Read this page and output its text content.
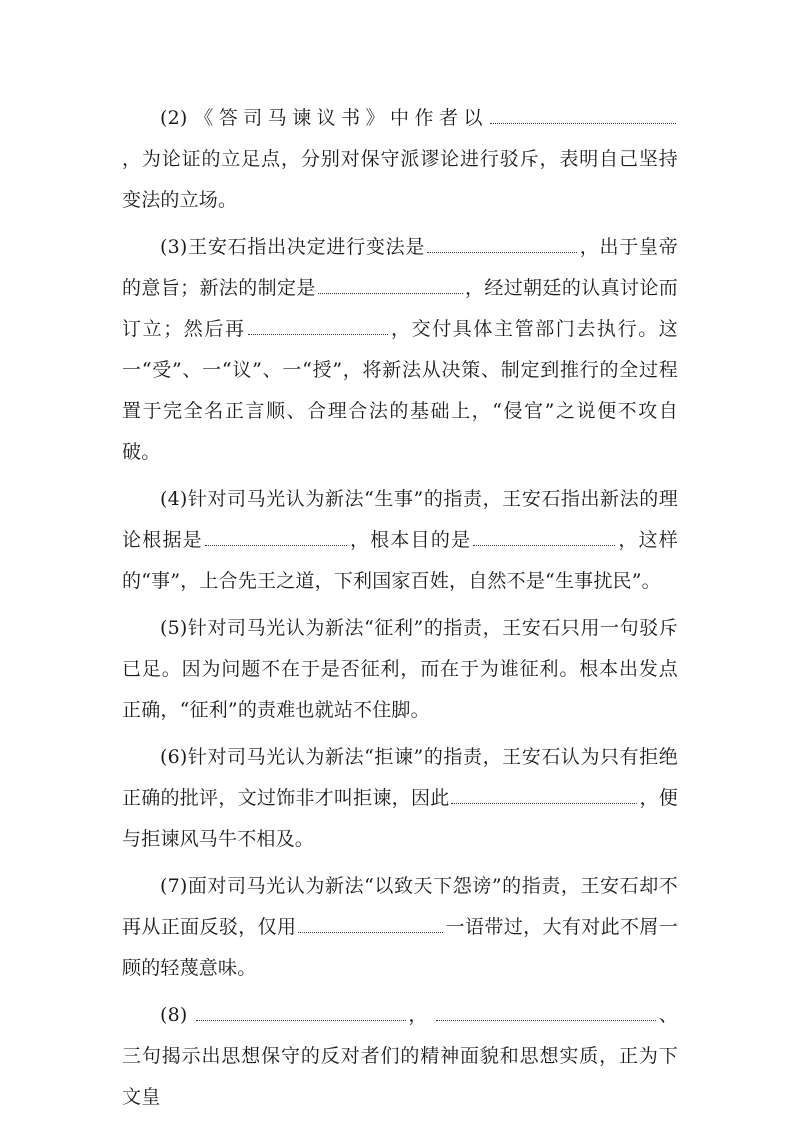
(2) 《答司马谏议书》中作者以，为论证的立足点，分别对保守派谬论进行驳斥，表明自己坚持变法的立场。

(3)王安石指出决定进行变法是	，出于皇帝的意旨；新法的制定是	，经过朝廷的认真讨论而订立；然后再	，交付具体主管部门去执行。这一“受”、一“议”、一“授”，将新法从决策、制定到推行的全过程置于完全名正言顺、合理合法的基础上，“侵官”之说便不攻自破。

(4)针对司马光认为新法“生事”的指责，王安石指出新法的理论根据是	，根本目的是	，这样的“事”，上合先王之道，下利国家百姓，自然不是“生事扰民”。

(5)针对司马光认为新法“征利”的指责，王安石只用一句驳斥已足。因为问题不在于是否征利，而在于为谁征利。根本出发点正确，“征利”的责难也就站不住脚。

(6)针对司马光认为新法“拒谏”的指责，王安石认为只有拒绝正确的批评，文过饰非才叫拒谏，因此	，便与拒谏风马牛不相及。

(7)面对司马光认为新法“以致天下怨谤”的指责，王安石却不再从正面反驳，仅用	一语带过，大有对此不屑一顾的轻蔑意味。

(8)	，	、三句揭示出思想保守的反对者们的精神面貌和思想实质，正为下文皇
